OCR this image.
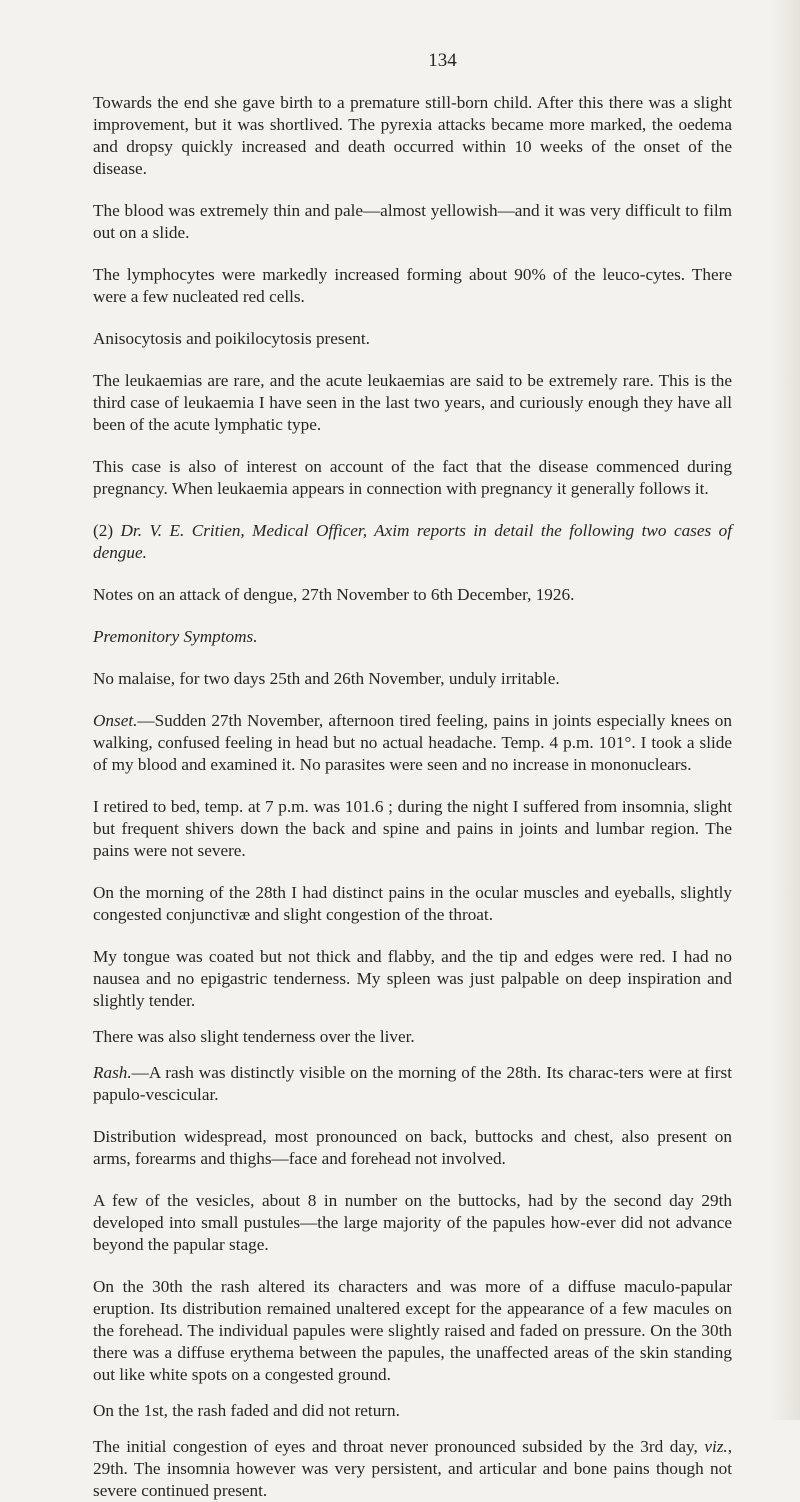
134

Towards the end she gave birth to a premature still-born child. After this there was a slight improvement, but it was shortlived. The pyrexia attacks became more marked, the oedema and dropsy quickly increased and death occurred within 10 weeks of the onset of the disease.

The blood was extremely thin and pale—almost yellowish—and it was very difficult to film out on a slide.

The lymphocytes were markedly increased forming about 90% of the leuco-cytes. There were a few nucleated red cells.

Anisocytosis and poikilocytosis present.

The leukaemias are rare, and the acute leukaemias are said to be extremely rare. This is the third case of leukaemia I have seen in the last two years, and curiously enough they have all been of the acute lymphatic type.

This case is also of interest on account of the fact that the disease commenced during pregnancy. When leukaemia appears in connection with pregnancy it generally follows it.

(2) Dr. V. E. Critien, Medical Officer, Axim reports in detail the following two cases of dengue.

Notes on an attack of dengue, 27th November to 6th December, 1926.

Premonitory Symptoms.

No malaise, for two days 25th and 26th November, unduly irritable.

Onset.—Sudden 27th November, afternoon tired feeling, pains in joints especially knees on walking, confused feeling in head but no actual headache. Temp. 4 p.m. 101°. I took a slide of my blood and examined it. No parasites were seen and no increase in mononuclears.

I retired to bed, temp. at 7 p.m. was 101.6 ; during the night I suffered from insomnia, slight but frequent shivers down the back and spine and pains in joints and lumbar region. The pains were not severe.

On the morning of the 28th I had distinct pains in the ocular muscles and eyeballs, slightly congested conjunctivæ and slight congestion of the throat.

My tongue was coated but not thick and flabby, and the tip and edges were red. I had no nausea and no epigastric tenderness. My spleen was just palpable on deep inspiration and slightly tender.

There was also slight tenderness over the liver.

Rash.—A rash was distinctly visible on the morning of the 28th. Its charac-ters were at first papulo-vescicular.

Distribution widespread, most pronounced on back, buttocks and chest, also present on arms, forearms and thighs—face and forehead not involved.

A few of the vesicles, about 8 in number on the buttocks, had by the second day 29th developed into small pustules—the large majority of the papules how-ever did not advance beyond the papular stage.

On the 30th the rash altered its characters and was more of a diffuse maculo-papular eruption. Its distribution remained unaltered except for the appearance of a few macules on the forehead. The individual papules were slightly raised and faded on pressure. On the 30th there was a diffuse erythema between the papules, the unaffected areas of the skin standing out like white spots on a congested ground.

On the 1st, the rash faded and did not return.

The initial congestion of eyes and throat never pronounced subsided by the 3rd day, viz., 29th. The insomnia however was very persistent, and articular and bone pains though not severe continued present.
